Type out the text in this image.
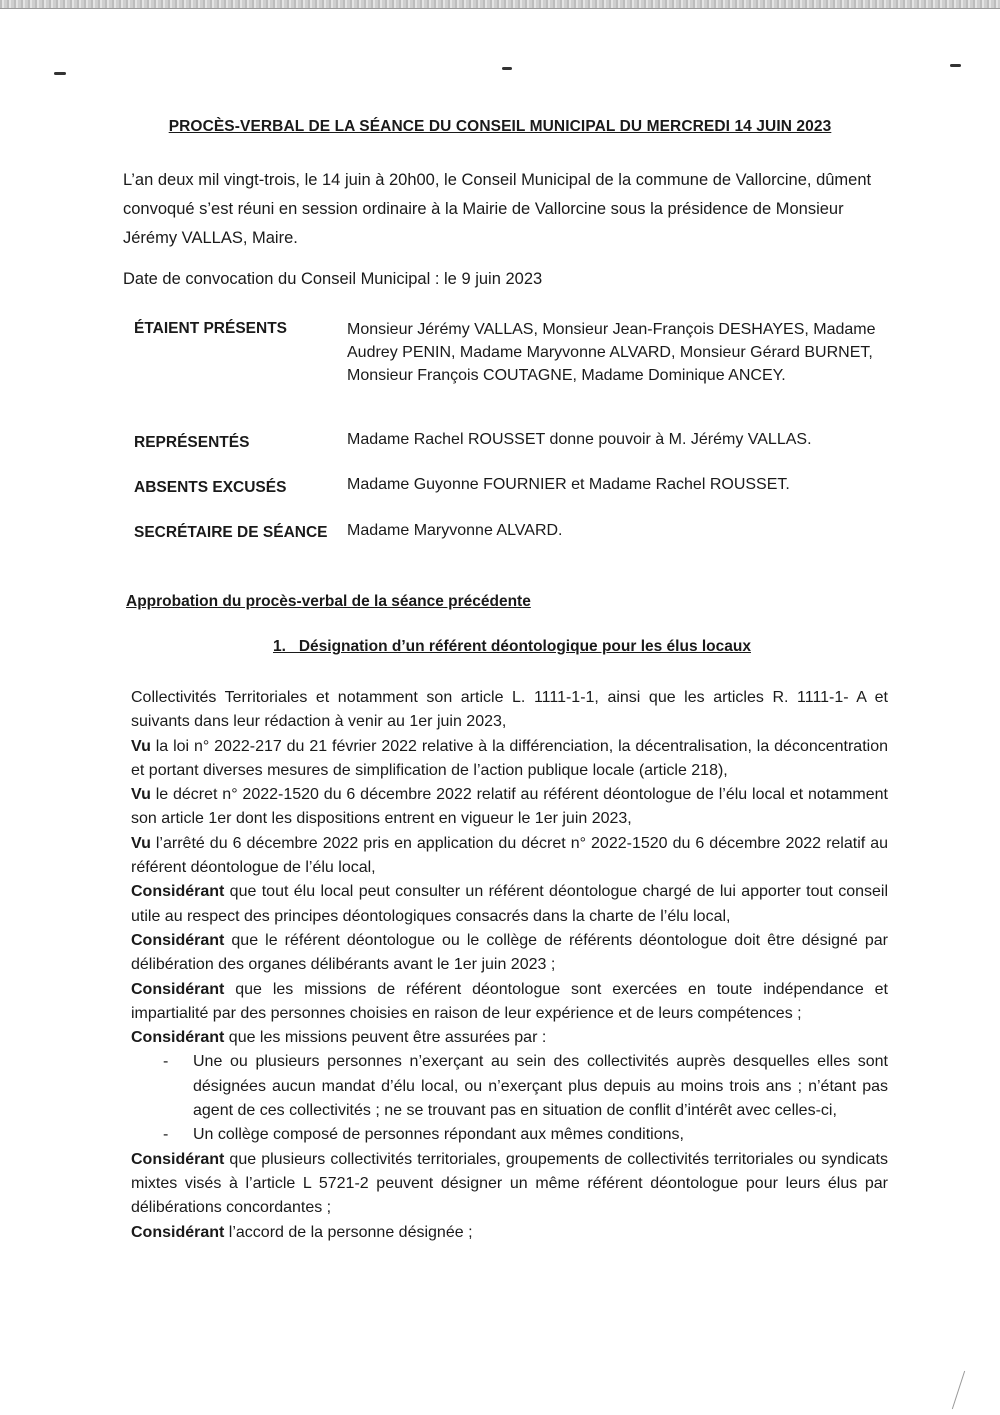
PROCÈS-VERBAL DE LA SÉANCE DU CONSEIL MUNICIPAL DU MERCREDI 14 JUIN 2023
L’an deux mil vingt-trois, le 14 juin à 20h00, le Conseil Municipal de la commune de Vallorcine, dûment convoqué s’est réuni en session ordinaire à la Mairie de Vallorcine sous la présidence de Monsieur Jérémy VALLAS, Maire.
Date de convocation du Conseil Municipal : le 9 juin 2023
ÉTAIENT PRÉSENTS	Monsieur Jérémy VALLAS, Monsieur Jean-François DESHAYES, Madame Audrey PENIN, Madame Maryvonne ALVARD, Monsieur Gérard BURNET, Monsieur François COUTAGNE, Madame Dominique ANCEY.
REPRÉSENTÉS	Madame Rachel ROUSSET donne pouvoir à M. Jérémy VALLAS.
ABSENTS EXCUSÉS	Madame Guyonne FOURNIER et Madame Rachel ROUSSET.
SECRÉTAIRE DE SÉANCE Madame Maryvonne ALVARD.
Approbation du procès-verbal de la séance précédente
1.   Désignation d’un référent déontologique pour les élus locaux
Collectivités Territoriales et notamment son article L. 1111-1-1, ainsi que les articles R. 1111-1- A et suivants dans leur rédaction à venir au 1er juin 2023,
Vu la loi n° 2022-217 du 21 février 2022 relative à la différenciation, la décentralisation, la déconcentration et portant diverses mesures de simplification de l’action publique locale (article 218),
Vu le décret n° 2022-1520 du 6 décembre 2022 relatif au référent déontologue de l’élu local et notamment son article 1er dont les dispositions entrent en vigueur le 1er juin 2023,
Vu l’arrêté du 6 décembre 2022 pris en application du décret n° 2022-1520 du 6 décembre 2022 relatif au référent déontologue de l’élu local,
Considérant que tout élu local peut consulter un référent déontologue chargé de lui apporter tout conseil utile au respect des principes déontologiques consacrés dans la charte de l’élu local,
Considérant que le référent déontologue ou le collège de référents déontologue doit être désigné par délibération des organes délibérants avant le 1er juin 2023 ;
Considérant que les missions de référent déontologue sont exercées en toute indépendance et impartialité par des personnes choisies en raison de leur expérience et de leurs compétences ;
Considérant que les missions peuvent être assurées par :
- Une ou plusieurs personnes n’exerçant au sein des collectivités auprès desquelles elles sont désignées aucun mandat d’élu local, ou n’exerçant plus depuis au moins trois ans ; n’étant pas agent de ces collectivités ; ne se trouvant pas en situation de conflit d’intérêt avec celles-ci,
- Un collège composé de personnes répondant aux mêmes conditions,
Considérant que plusieurs collectivités territoriales, groupements de collectivités territoriales ou syndicats mixtes visés à l’article L 5721-2 peuvent désigner un même référent déontologue pour leurs élus par délibérations concordantes ;
Considérant l’accord de la personne désignée ;
